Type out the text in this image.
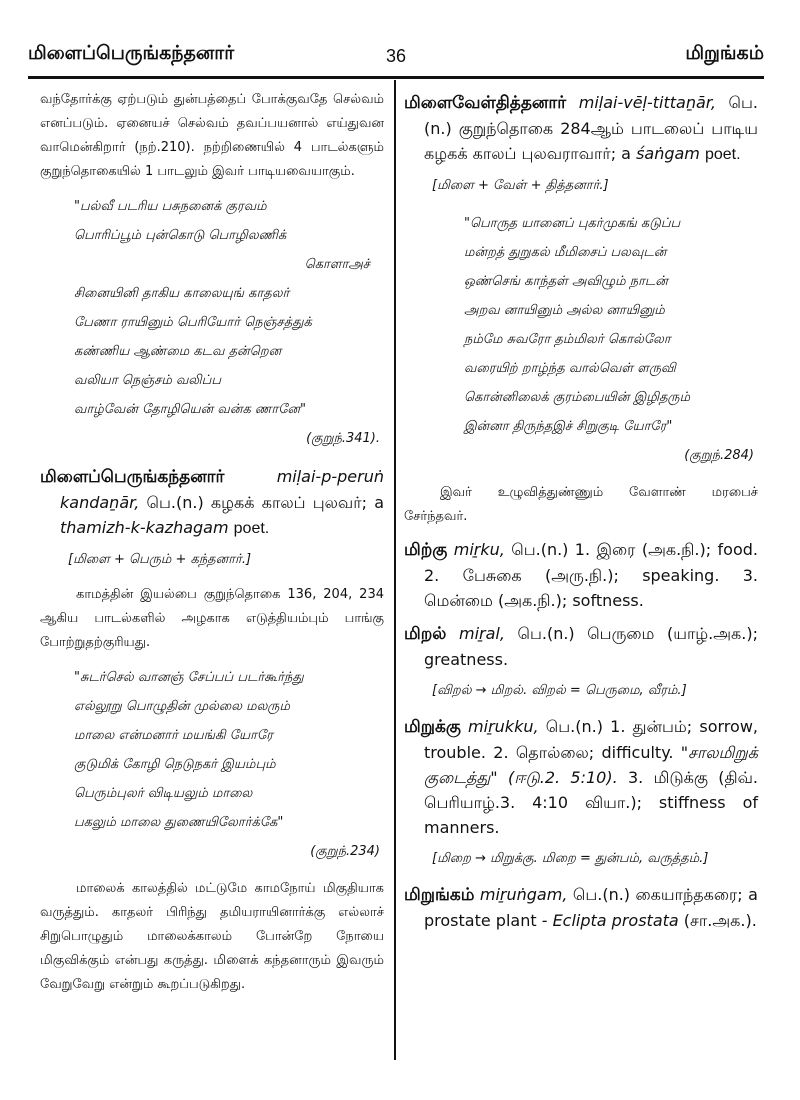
மிளைப்பெருங்கந்தனார்	36	மிறுங்கம்

வந்தோர்க்கு ஏற்படும் துன்பத்தைப் போக்குவதே செல்வம் எனப்படும். ஏனையச் செல்வம் தவப்பயனால் எய்துவன வாமென்கிறார் (நற்.210). நற்றிணையில் 4 பாடல்களும் குறுந்தொகையில் 1 பாடலும் இவர் பாடியவையாகும்.

"பல்வீ படரிய பசுநனைக் குரவம்
பொரிப்பூம் புன்கொடு பொழிலணிக்
கொளாஅச்
சினையினி தாகிய காலையுங் காதலர்
பேணா ராயினும் பெரியோர் நெஞ்சத்துக்
கண்ணிய ஆண்மை கடவ தன்றென
வலியா நெஞ்சம் வலிப்ப
வாழ்வேன் தோழியென் வன்க ணானே"
(குறுந்.341).
மிளைப்பெருங்கந்தனார்	mi‌ḷai-p-peruṅ kandaṉār, பெ.(n.) கழகக் காலப் புலவர்; a thamizh-k-kazhagam poet.
[மிளை + பெரும் + கந்தனார்.]

காமத்தின் இயல்பை குறுந்தொகை 136, 204, 234 ஆகிய பாடல்களில் அழகாக எடுத்தியம்பும் பாங்கு போற்றுதற்குரியது.

"சுடர்செல் வானஞ் சேப்பப் படர்கூர்ந்து
எல்லூறு பொழுதின் முல்லை மலரும்
மாலை என்மனார் மயங்கி யோரே
குடுமிக் கோழி நெடுநகர் இயம்பும்
பெரும்புலர் விடியலும் மாலை
பகலும் மாலை துணையிலோர்க்கே"
(குறுந்.234)

மாலைக் காலத்தில் மட்டுமே காமநோய் மிகுதியாக வருத்தும். காதலர் பிரிந்து தமியராயினார்க்கு எல்லாச் சிறுபொழுதும் மாலைக்காலம் போன்றே நோயை மிகுவிக்கும் என்பது கருத்து. மிளைக் கந்தனாரும் இவரும் வேறுவேறு என்றும் கூறப்படுகிறது.

மிளைவேள்தித்தனார் miḷai-vēḷ-tittaṉār, பெ.(n.) குறுந்தொகை 284ஆம் பாடலைப் பாடிய கழகக் காலப் புலவராவார்; a śaṅgam poet.
[மிளை + வேள் + தித்தனார்.]
"பொருத யானைப் புகர்முகங் கடுப்ப
மன்றத் துறுகல் மீமிசைப் பலவுடன்
ஒண்செங் காந்தள் அவிழும் நாடன்
அறவ னாயினும் அல்ல னாயினும்
நம்மே சுவரோ தம்மிலர் கொல்லோ
வரையிற் றாழ்ந்த வால்வெள் ளருவி
கொன்னிலைக் குரம்பையின் இழிதரும்
இன்னா திருந்தஇச் சிறுகுடி யோரே"
(குறுந்.284)

இவர் உழுவித்துண்ணும் வேளாண் மரபைச் சேர்ந்தவர்.

மிற்கு miṟku, பெ.(n.) 1. இரை (அக.நி.); food. 2. பேசுகை (அரு.நி.); speaking. 3. மென்மை (அக.நி.); softness.
மிறல் miṟal, பெ.(n.) பெருமை (யாழ்.அக.); greatness.
[விறல் → மிறல். விறல் = பெருமை, வீரம்.]
மிறுக்கு miṟukku, பெ.(n.) 1. துன்பம்; sorrow, trouble. 2. தொல்லை; difficulty. "சாலமிறுக் குடைத்து" (ஈடு.2. 5:10). 3. மிடுக்கு (திவ். பெரியாழ்.3. 4:10 வியா.); stiffness of manners.
[மிறை → மிறுக்கு. மிறை = துன்பம், வருத்தம்.]
மிறுங்கம் miṟuṅgam, பெ.(n.) கையாந்தகரை; a prostate plant - Eclipta prostata (சா.அக.).
